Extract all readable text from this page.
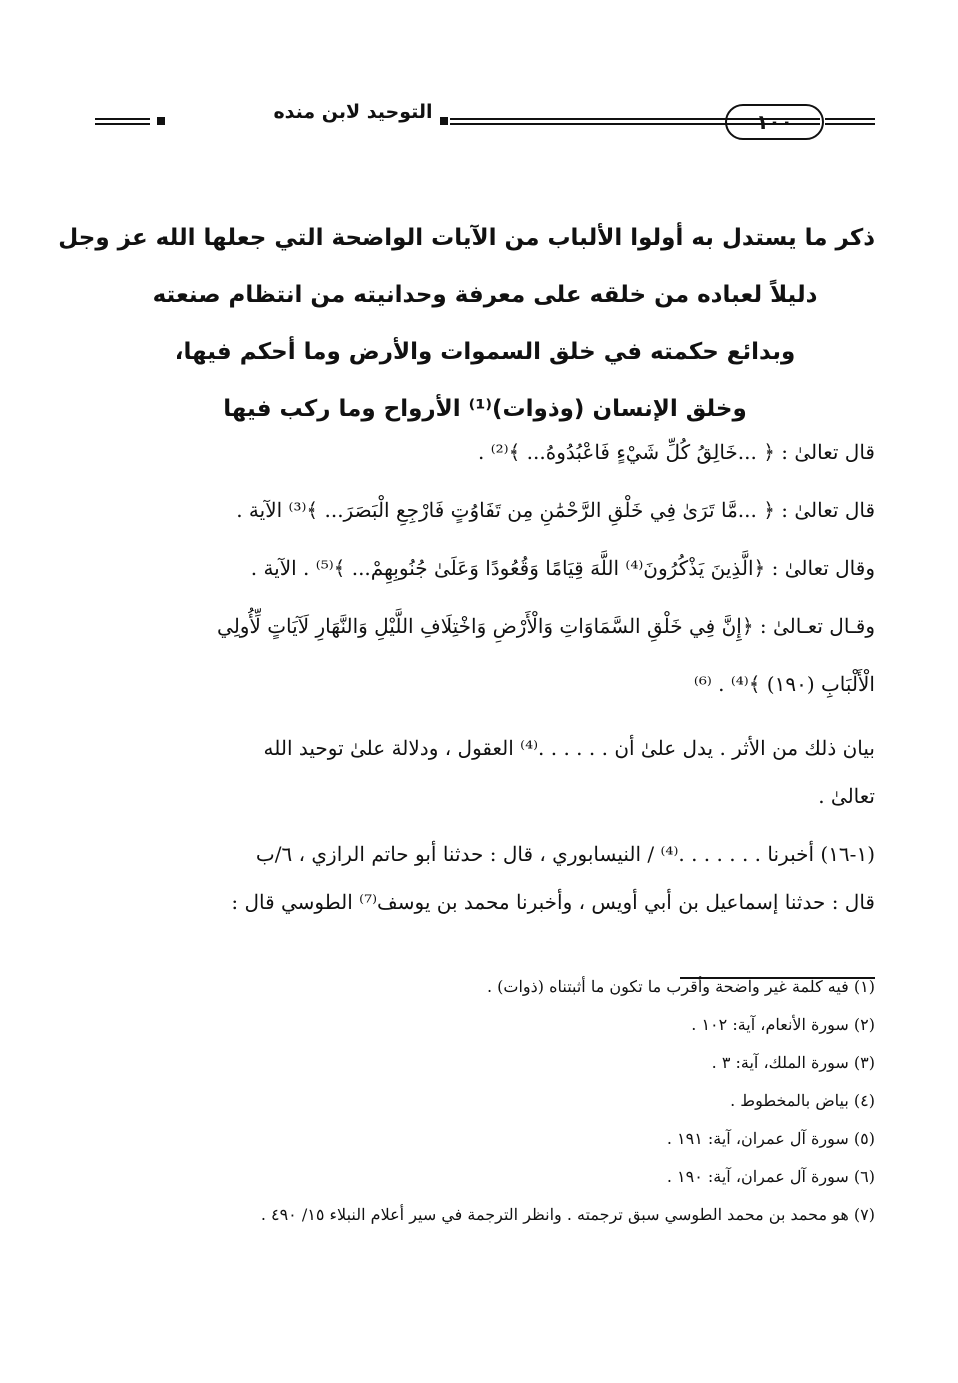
١٠٠
التوحيد لابن منده
ذكر ما يستدل به أولوا الألباب من الآيات الواضحة التي جعلها الله عز وجل
دليلاً لعباده من خلقه على معرفة وحدانيته من انتظام صنعته
وبدائع حكمته في خلق السموات والأرض وما أحكم فيها،
وخلق الإنسان (وذوات)⁽¹⁾ الأرواح وما ركب فيها
قال تعالىٰ : ﴿ ...خَالِقُ كُلِّ شَيْءٍ فَاعْبُدُوهُ... ﴾⁽²⁾ .
قال تعالىٰ : ﴿ ...مَّا تَرَىٰ فِي خَلْقِ الرَّحْمَٰنِ مِن تَفَاوُتٍ فَارْجِعِ الْبَصَرَ... ﴾⁽³⁾ الآية .
وقال تعالىٰ : ﴿الَّذِينَ يَذْكُرُونَ⁽⁴⁾ اللَّهَ قِيَامًا وَقُعُودًا وَعَلَىٰ جُنُوبِهِمْ... ﴾⁽⁵⁾ . الآية .
وقـال تعـالىٰ : ﴿إِنَّ فِي خَلْقِ السَّمَاوَاتِ وَالْأَرْضِ وَاخْتِلَافِ اللَّيْلِ وَالنَّهَارِ لَآيَاتٍ لِّأُولِي
الْأَلْبَابِ (١٩٠) ﴾⁽⁴⁾ . ⁽⁶⁾
بيان ذلك من الأثر . يدل علىٰ أن . . . . . .⁽⁴⁾ العقول ، ودلالة علىٰ توحيد الله
تعالىٰ .
(١-١٦) أخبرنا . . . . . . .⁽⁴⁾ / النيسابوري ، قال : حدثنا أبو حاتم الرازي ، ٦/ب
قال : حدثنا إسماعيل بن أبي أويس ، وأخبرنا محمد بن يوسف⁽⁷⁾ الطوسي قال :
(١) فيه كلمة غير واضحة وأقرب ما تكون ما أثبتناه (ذوات) .
(٢) سورة الأنعام، آية: ١٠٢ .
(٣) سورة الملك، آية: ٣ .
(٤) بياض بالمخطوط .
(٥) سورة آل عمران، آية: ١٩١ .
(٦) سورة آل عمران، آية: ١٩٠ .
(٧) هو محمد بن محمد الطوسي سبق ترجمته . وانظر الترجمة في سير أعلام النبلاء ١٥/ ٤٩٠ .
